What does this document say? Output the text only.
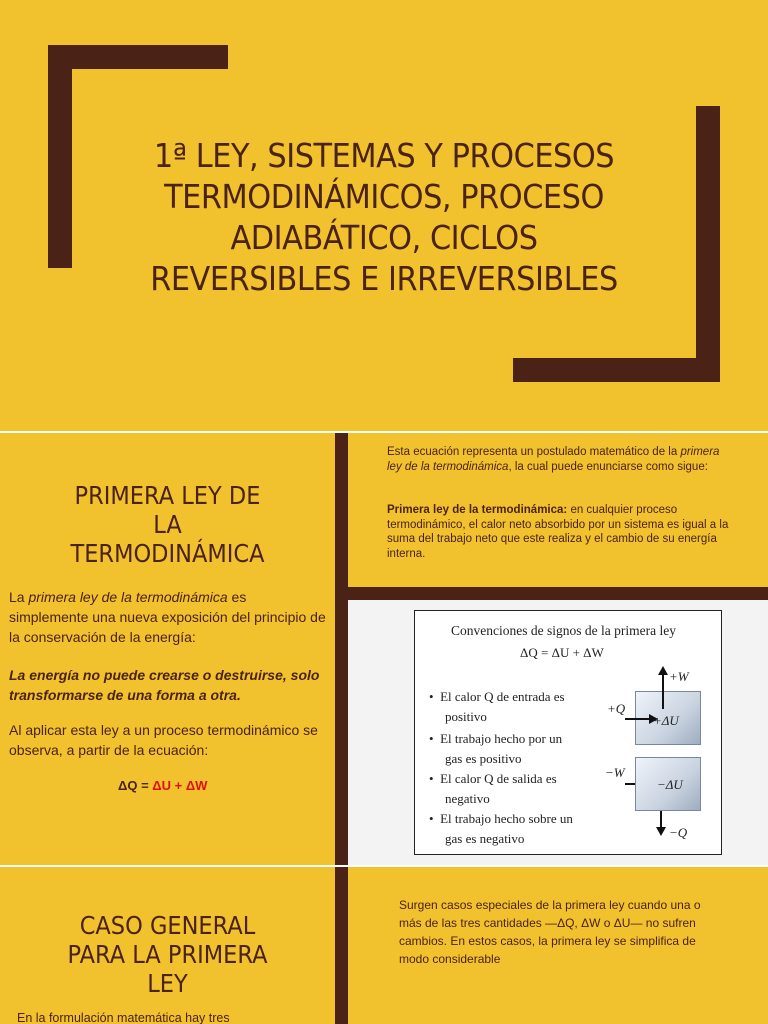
1ª LEY, SISTEMAS Y PROCESOS
TERMODINÁMICOS, PROCESO
ADIABÁTICO, CICLOS
REVERSIBLES E IRREVERSIBLES
PRIMERA LEY DE
LA
TERMODINÁMICA
La primera ley de la termodinámica es simplemente una nueva exposición del principio de la conservación de la energía:
La energía no puede crearse o destruirse, solo transformarse de una forma a otra.
Al aplicar esta ley a un proceso termodinámico se observa, a partir de la ecuación:
ΔQ = ΔU + ΔW
Esta ecuación representa un postulado matemático de la primera ley de la termodinámica, la cual puede enunciarse como sigue:
Primera ley de la termodinámica: en cualquier proceso termodinámico, el calor neto absorbido por un sistema es igual a la suma del trabajo neto que este realiza y el cambio de su energía interna.
Convenciones de signos de la primera ley
ΔQ = ΔU + ΔW
•  El calor Q de entrada es
positivo
•  El trabajo hecho por un
gas es positivo
•  El calor Q de salida es
negativo
•  El trabajo hecho sobre un
gas es negativo
+W
+Q
+ΔU
−W
−ΔU
−Q
CASO GENERAL
PARA LA PRIMERA
LEY
En la formulación matemática hay tres
Surgen casos especiales de la primera ley cuando una o más de las tres cantidades —ΔQ, ΔW o ΔU— no sufren cambios. En estos casos, la primera ley se simplifica de modo considerable
